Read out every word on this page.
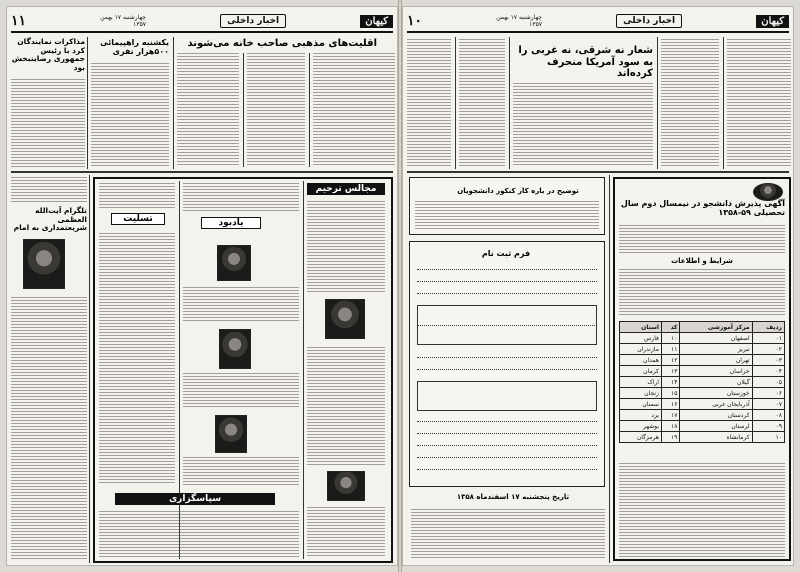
کیهان
اخبار داخلی
چهارشنبه ۱۷ بهمن
۱۳۵۷
۱۱
اقلیت‌های مذهبی صاحب خانه می‌شوند
یکشنبه راهپیمائی ۵۰۰هزار نفری
مذاکرات نمایندگان کرد با رئیس جمهوری رضایتبخش بود
تلگرام آیت‌الله العظمی شریعتمداری به امام
مجالس ترحیم
یادبود
تسلیت
سپاسگزاری
کیهان
اخبار داخلی
چهارشنبه ۱۷ بهمن
۱۳۵۷
۱۰
شعار نه شرقی، نه غربی را به سود آمریکا منحرف کرده‌اند
توضیح در باره کار کنکور دانشجویان
فرم ثبت نام
تاریخ پنجشنبه ۱۷ اسفندماه ۱۳۵۸
آگهی پذیرش دانشجو در نیمسال دوم سال تحصیلی ۵۹-۱۳۵۸
شرایط و اطلاعات
ردیف	مرکز آموزشی	کد	استان
۰۱	اصفهان	۱۰	فارس
۰۲	تبریز	۱۱	مازندران
۰۳	تهران	۱۲	همدان
۰۴	خراسان	۱۳	کرمان
۰۵	گیلان	۱۴	اراک
۰۶	خوزستان	۱۵	زنجان
۰۷	آذربایجان غربی	۱۶	سمنان
۰۸	کردستان	۱۷	یزد
۰۹	لرستان	۱۸	بوشهر
۱۰	کرمانشاه	۱۹	هرمزگان
